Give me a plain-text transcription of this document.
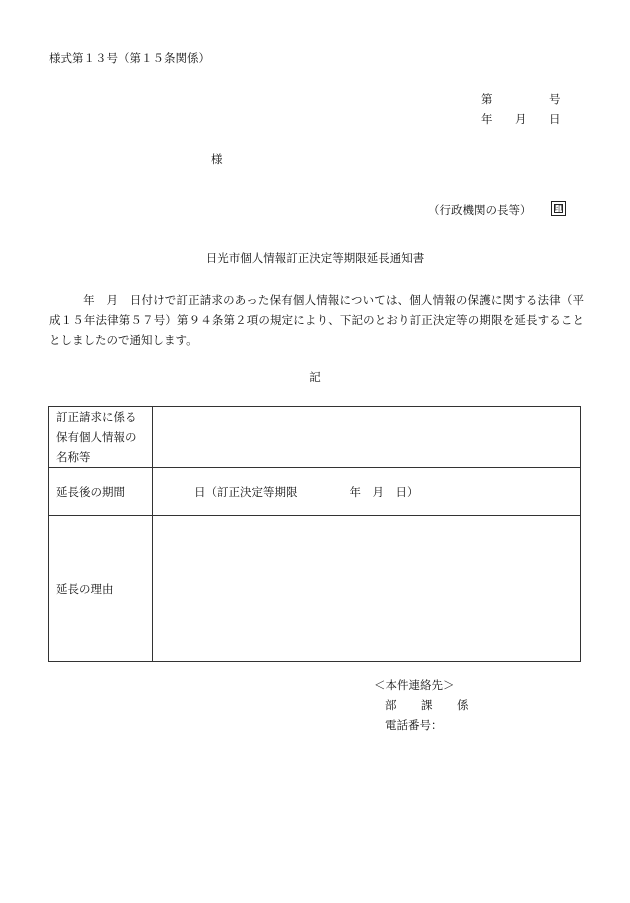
様式第１３号（第１５条関係）
第	号
年 月 日
様
（行政機関の長等）	印
日光市個人情報訂正決定等期限延長通知書
年　月　日付けで訂正請求のあった保有個人情報については、個人情報の保護に関する法律（平成１５年法律第５７号）第９４条第２項の規定により、下記のとおり訂正決定等の期限を延長することとしましたので通知します。
記
訂正請求に係る保有個人情報の名称等	
延長後の期間	日（訂正決定等期限 年　月　日）
延長の理由	
＜本件連絡先＞
部 課 係
電話番号：
